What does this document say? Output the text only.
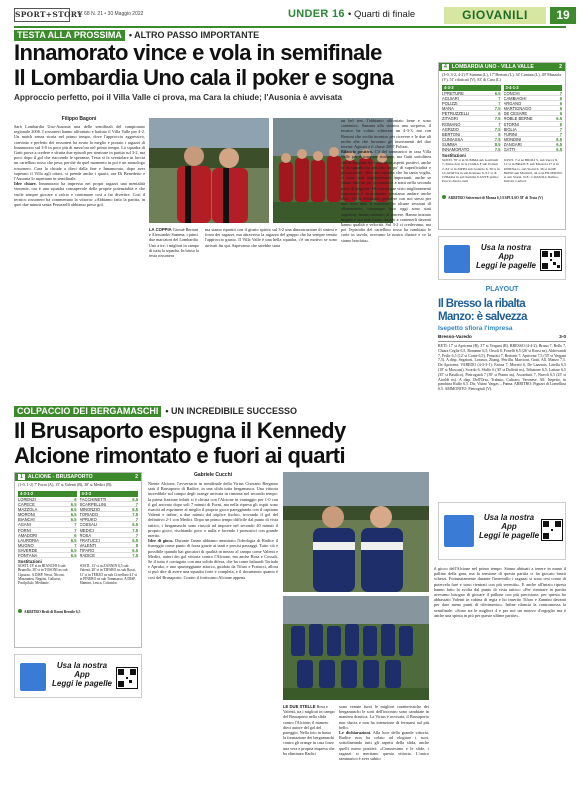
SPORT+STORY
A. 68 N. 21 • 30 Maggio 2022	UNDER 16 • Quarti di finale	GIOVANILI	19
TESTA ALLA PROSSIMA • ALTRO PASSO IMPORTANTE
Innamorato vince e vola in semifinale
Il Lombardia Uno cala il poker e sogna
Approccio perfetto, poi il Villa Valle ci prova, ma Cara la chiude; l'Ausonia è avvisata
Filippo Bagoni
Sarà Lombardia Uno-Ausonia una delle semifinali del campionato regionale 2006. I rossoneri hanno affrontato e battuto il Villa Valle per 4-2. Un match senza storia nel primo tempo, dove l'approccio aggressivo, convinto e perfetto dei rossoneri ha avuto la meglio e portato i ragazzi di Innamorato sul 3-0 in poco più di mezz'ora nel primo tempo. La squadra di Gatti prova a credere e sfrutta due episodi per rientrare in partita sul 3-2, ma poco dopo il gol che riaccende le speranze, Testa sì fa sventolare in faccia un cartellino rosso che pesa, perché da quel momento in poi è un monologo rossonero. Cara la chiude a dieci dalla fine e Innamorato, dopo aver superato il Villa agli ottavi, si prende anche i quarti; ora Di Benedetto e l'Ausonia lo aspettano in semifinale.
Idee chiare. Innamorato ha impresso nei propri ragazzi una mentalità vincente, ora è una squadra consapevole delle proprie potenzialità e che vuole sempre giocare a calcio e continuare così a far divertire. Così il tecnico rossonero ha commentato la vittoria: «Abbiamo fatto la partita, in quei due minuti senza Peruzzelli abbiamo preso gol,
LA COPPIA Giosuè Bertoni e Alessandro Summa, i primi due marcatori del Lombardia Uno a tre, i migliori in campo di tutta la squadra. In basso la festa rossonera
ma siamo ripartiti con il giusto spirito sul 3-2 una dimostrazione di sintesi e forza dei ragazzi, ma attraverso la ragazza del gruppo che ha sempre tenuto l'approccio giusto. Il Villa Valle è una bella squadra, c'è un motivo se sono arrivati fin qui. Sapevamo che sarebbe stata
un bel test, l'abbiamo affrontato bene e sono contento». Summa alla sinistra una sorpresa, il tecnico ha voluto schierare un 4-3-3, ma con Bertoni che svolta incentro per ricevere e le due ali molto alte che lavorano gli inserimenti del duo terzini: Aguiari e il classe 2007 Polizzi.
Bilancio positivo. C'è del rammarico in casa Villa Valle per il mancato risultato, ma Gatti sottolinea che la stagione ha avuto tanti aspetti positivi, anche se la squadra ha peccato un po' di superficialità e presunzione: «Ho una squadra che ha tanta voglia, ci sono stati miglioramenti importanti, anche se siamo stati un po' presuntuosi a tratti nella seconda parte di stagione. Ho comunque visto miglioramenti importanti e sicuramente possiamo andare anche oltre. Ce la dobbiamo prendere con noi stessi per non aver dato il massimo in alcune sessioni di allenamento; comunque loro oggi sono stati superiori, hanno meritato di vincere. Hanno iniziato meglio e noi non siamo riusciti a contenerli davanti hanno qualità e velocità. Sul 3-2 ci credevamo, ma poi l'episodio del cartellino rosso ha cambiato le carte in tavola, avevamo la nostra chance e ce la siamo bruciata».
4 LOMBARDIA UNO - VILLA VALLE	2
(3-0, 3-2, 4-2) 9' Summa (L), 17' Bertoni (L), 34' Cantata (L), 49' Mazzola (V), 51' rifaticati (V), 83' di Cara (L)
4-3-3
I.PRETURE	6.5
AGUIARI	7
POLIZZI	7
MANA	7.5
PETRUZZELLI	6
ZITAGRI	7.5
ROMANO	7
AGRIZIO	7.5
BERTONI	8
CUNIASSA	7.5
SUMMA	8.5
INNAMORATO	7.5
3-4-1-2
CONCHI	7
CAMBIAGHI	6
ARGANO	6
MARTIGNAGO	6
DE CESARE	6
ROBLE BERNE	6.5
STORNI	6
BIGLIA	7
FURINI	7
MONDINI	6.5
ZANGARI	6.5
GATTI	6.5
Sostituzioni
SOSTI. 78' st in SUMMA sub Garibaldi 7, Mana Zott in la CIARA F sub Polizzi 2, 84' st in ZIPPO sub Galardo 6, 30 ts in CLAVATTA in sub Romano 6, 61' st di CHIARA in sub Summa 6 ANTE prima: Puccio Zitola, tutti
SOSTI. 7 st su BROLI S. sub Zucca 8, 61' st in BRAIS F. sub Mazzola 27 st in ROSINA G. sub Storni 6, 36 st in DE BONO sub Marini 6, 44 st in FILIPPONI in sub Storni. N.E.: COZZOLI, Rufino, Pellotti, Carbeci
ARBITRO Seiterenzi di Monza 6,5 ESPULSO 58' di Testa (V)
Usa la nostra App
Leggi le pagelle
PLAYOUT
Il Bresso la ribalta
Manzo: è salvezza
Isepetto sfiora l'impresa
Bresso-Varedo	3-0
RETI: 17' st Apricena (B), 37' st Vergani (B). BRESSO (4-4-2): Bruno 7, Bello 7, Chiara Ceglie 6,5, Bonanno 6,5, Orsoli 8, Fonelli 6,5 (26' st Rossi ns), Aldrovandi 7, Fedic 6,5 (12' st Conte 6,5), Ponzotti 7, Bertonti 7, Apricena 7,5 (35' st Vergani 7,5). A disp. Segaioni, Lorusso, Zhang, Petrilla, Marcioni, Gatti, All. Manzo 7,5. Da Apricena. VAREDO (4-3-3-1): Farina 7, Moretti 6, De Lazzaris, Latella 6,5 (18' st Mosconi), Scordo 6, Sfulfo 6 (30' st Dolfetti ns), Tribatone 6,5, Lattaro 6,5 (35' st Basilico), Pietroguidi 7 (39' st Pianto ns), Ascardutti 7, Nuvoli 6,5 (25' st Airoldi ns). A disp. Dell'Orso, Trabuio, Cultraro, Veronese. All. Isepetto, in panchina Ruffo 6,5. Dir. Visino Vargas – Panna. ARBITRO: Piguzzi di Lomellina 6,5. AMMONITO: Pietrogiuli (V).
COLPACCIO DEI BERGAMASCHI • UN INCREDIBILE SUCCESSO
Il Brusaporto espugna il Kennedy
Alcione rimontato e fuori ai quarti
1 ALCIONE - BRUSAPORTO	2
(1-0, 1-2) 7' Forni (A), 15' st Valenti (B), 38' st Medici (B).
4-3-1-2
LORENZI	6
CAPECE	6.5
MAZZOLA	6.5
MORONI	6.5
BIANCHI	6.5
AGANI	7
FORNI	7
AMADORI	6
LAURORIA	6.5
MUGNO	7
SAVERDE	6.5
FONTANA	6.5
4-3-3
FACCHINETTI	6.5
SCARPELLINI	7
MINONZIO	6.5
TORIADO	7.5
APRUKO	7
COSSALI	6.5
MEDICI	7.5
ROSA	7
FRATUCCI	6.5
VALENTI	8
TIFARO	6.5
RADICE	7.5
Sostituzioni
SOSTI. 18' st in BIANCHI 6 sub Brunello, 38' st in TOSONI ns sub Cipuzzo. A DISP. Nessi, Niconi, Mazzantea, Negrini, Galiuest, Pacilpilalo, Mediante.
SOSTI. 13' st in ZANNIN 6,5 sub Valenti, 20' st in TIFARO ns sub Rossi, 31' st in TERZO ns sub Crivellaro 41' st in PINERO ns sub Tommasso. A DISP. Mamini, Leuca, Colombo.
ARBITRO Broli di Broni Bernile 6,5
Usa la nostra App
Leggi le pagelle
Gabriele Cucchi
Niente Alcione, l'avversario in semifinale della Virtus Ciserano Bergamo sarà il Brusaporto di Radice, in una sfida tutta bergamasca. Una vittoria incredibile sul campo degli orange arrivata in rimonta nel secondo tempo: la prima frazione infatti si è chiusa con l'Alcione in vantaggio per 1-0 con il gol arrivato dopo soli 7 minuti di Forni, ma nella ripresa gli ospiti sono riusciti ad esprimere al meglio il proprio gioco pareggiando con il capitano Valenti e infine, a due minuti dal triplice fischio, trovando il gol del definitivo 2-1 con Medici. Dopo un primo tempo difficile dal punto di vista tattico, i bergamaschi sono riusciti ad imporre nel secondo 40 minuti il proprio gioco, rischiando poco o nulla e facendo i pronostici con grande merito.
Idee di gioco. Durante l'anno abbiamo ammirato l'ideologia di Radice il fraseggio come punto di forza grazie ai tanti e precisi passaggi. Tutto ciò è possibile quando hai giocatori di qualità in mezzo al campo come Valenti e Medici, autori dei gol vittoria contro l'Alcione, ma anche Rosa e Cossali. Se il tutto è coniugato con una solida difesa, che ha come baluardi Toriado e Apruko, e uno spumeggiante attacco, guidato da Tifaro e Fratucci, allora si può dire di avere una squadra forte e completa, e il documento quanto è così del Brusaporto. Contro il fortissimo Alcione appena
LE DUE STELLE Rosa e Valenti, tra i migliori in campo del Brusaporto nella sfida contro l'Alcione; il numero dieci autore del gol del pareggio. Nella foto in basso la formazione dei bergamaschi contro gli orange in casa forze una vera e propria impresa che ha eliminato Radici
sono venute fuori le migliori caratteristiche dei bergamaschi le sorti dell'incontro sono cambiate in maniera drastica. La Virtus è avvisata, il Brusaporto non sbrcia e non ha intenzione di fermarsi sul più bello.
Le dichiarazioni. Alla luce della grande vittoria, Radice non ha celato ad elogiare i suoi, sottolineando tutti gli aspetti della sfida, anche quelli meno positivi: «Conusesimo e le sfide, i ragazzi si meritano questa vittoria. L'unico rammarico è aver subito
Usa la nostra App
Leggi le pagelle
il gioco dell'Alcione nel primo tempo. Siamo abituati a tenere in mano il pallino della gara, ma la tensione di questa partita ci ha giocato brutti scherzi. Fortunatamente durante l'intervallo i ragazzi si sono resi conto di potercela fare e sono rientrati con più serenità». E anche all'inizio ripresa hanno fatto la svolta dal punto di vista tattico: «Per rientrare in partita avevamo bisogno di giocare il pallone con più precisione, per questo ho abbassato Valenti in cabina di regia e ho inserito Tifaro e Zannini davanti per dare meno punti di riferimento». Infine rilancia la contromossa la semifinale: «Sono tra le migliori 4 e per noi un motivo d'orgoglio ma è anche una spinta in più per queste ultime partite».
